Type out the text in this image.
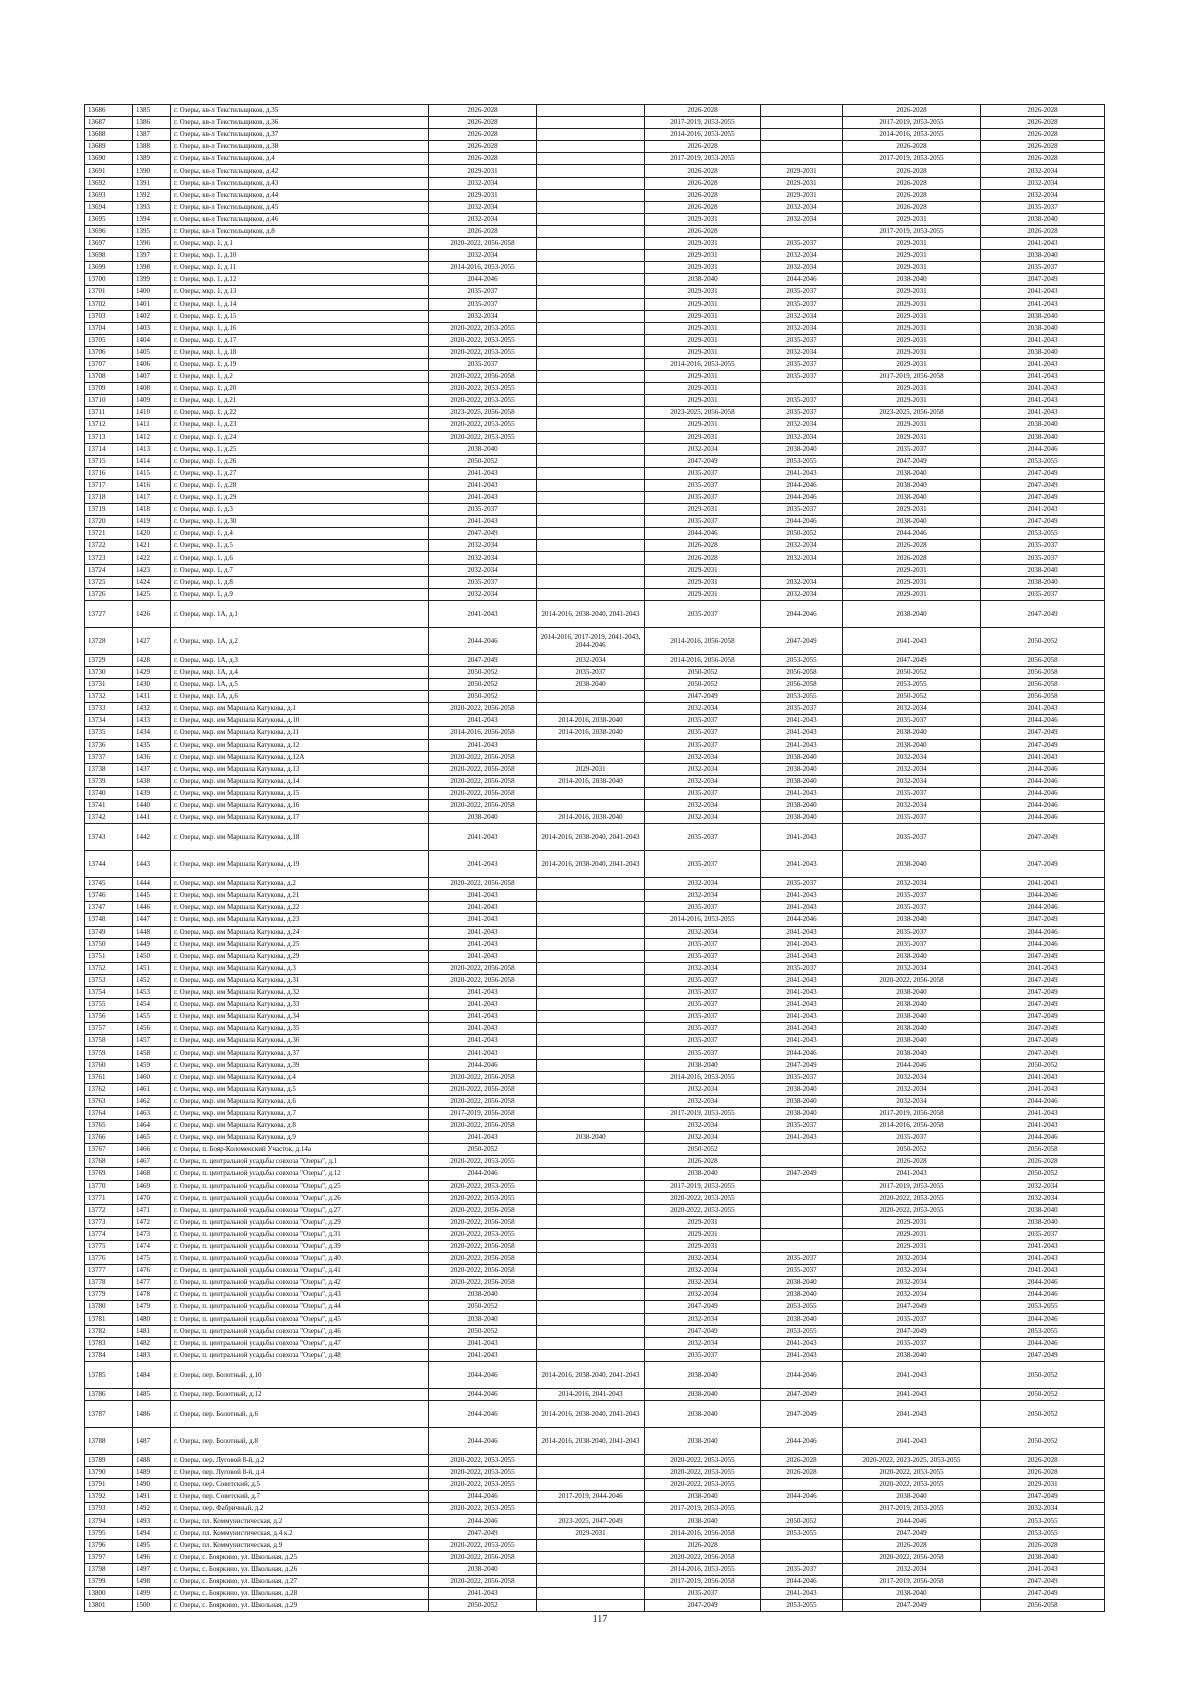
13686	1385	г. Озеры, кв-л Текстильщиков, д.35	2026-2028		2026-2028		2026-2028	2026-2028
13687	1386	г. Озеры, кв-л Текстильщиков, д.36	2026-2028		2017-2019, 2053-2055		2017-2019, 2053-2055	2026-2028
13688	1387	г. Озеры, кв-л Текстильщиков, д.37	2026-2028		2014-2016, 2053-2055		2014-2016, 2053-2055	2026-2028
13689	1388	г. Озеры, кв-л Текстильщиков, д.38	2026-2028		2026-2028		2026-2028	2026-2028
13690	1389	г. Озеры, кв-л Текстильщиков, д.4	2026-2028		2017-2019, 2053-2055		2017-2019, 2053-2055	2026-2028
13691	1390	г. Озеры, кв-л Текстильщиков, д.42	2029-2031		2026-2028	2029-2031	2026-2028	2032-2034
13692	1391	г. Озеры, кв-л Текстильщиков, д.43	2032-2034		2026-2028	2029-2031	2026-2028	2032-2034
13693	1392	г. Озеры, кв-л Текстильщиков, д.44	2029-2031		2026-2028	2029-2031	2026-2028	2032-2034
13694	1393	г. Озеры, кв-л Текстильщиков, д.45	2032-2034		2026-2028	2032-2034	2026-2028	2035-2037
13695	1394	г. Озеры, кв-л Текстильщиков, д.46	2032-2034		2029-2031	2032-2034	2029-2031	2038-2040
13696	1395	г. Озеры, кв-л Текстильщиков, д.8	2026-2028		2026-2028		2017-2019, 2053-2055	2026-2028
13697	1396	г. Озеры, мкр. 1, д.1	2020-2022, 2056-2058		2029-2031	2035-2037	2029-2031	2041-2043
13698	1397	г. Озеры, мкр. 1, д.10	2032-2034		2029-2031	2032-2034	2029-2031	2038-2040
13699	1398	г. Озеры, мкр. 1, д.11	2014-2016, 2053-2055		2029-2031	2032-2034	2029-2031	2035-2037
13700	1399	г. Озеры, мкр. 1, д.12	2044-2046		2038-2040	2044-2046	2038-2040	2047-2049
13701	1400	г. Озеры, мкр. 1, д.13	2035-2037		2029-2031	2035-2037	2029-2031	2041-2043
13702	1401	г. Озеры, мкр. 1, д.14	2035-2037		2029-2031	2035-2037	2029-2031	2041-2043
13703	1402	г. Озеры, мкр. 1, д.15	2032-2034		2029-2031	2032-2034	2029-2031	2038-2040
13704	1403	г. Озеры, мкр. 1, д.16	2020-2022, 2053-2055		2029-2031	2032-2034	2029-2031	2038-2040
13705	1404	г. Озеры, мкр. 1, д.17	2020-2022, 2053-2055		2029-2031	2035-2037	2029-2031	2041-2043
13706	1405	г. Озеры, мкр. 1, д.18	2020-2022, 2053-2055		2029-2031	2032-2034	2029-2031	2038-2040
13707	1406	г. Озеры, мкр. 1, д.19	2035-2037		2014-2016, 2053-2055	2035-2037	2029-2031	2041-2043
13708	1407	г. Озеры, мкр. 1, д.2	2020-2022, 2056-2058		2029-2031	2035-2037	2017-2019, 2056-2058	2041-2043
13709	1408	г. Озеры, мкр. 1, д.20	2020-2022, 2053-2055		2029-2031		2029-2031	2041-2043
13710	1409	г. Озеры, мкр. 1, д.21	2020-2022, 2053-2055		2029-2031	2035-2037	2029-2031	2041-2043
13711	1410	г. Озеры, мкр. 1, д.22	2023-2025, 2056-2058		2023-2025, 2056-2058	2035-2037	2023-2025, 2056-2058	2041-2043
13712	1411	г. Озеры, мкр. 1, д.23	2020-2022, 2053-2055		2029-2031	2032-2034	2029-2031	2038-2040
13713	1412	г. Озеры, мкр. 1, д.24	2020-2022, 2053-2055		2029-2031	2032-2034	2029-2031	2038-2040
13714	1413	г. Озеры, мкр. 1, д.25	2038-2040		2032-2034	2038-2040	2035-2037	2044-2046
13715	1414	г. Озеры, мкр. 1, д.26	2050-2052		2047-2049	2053-2055	2047-2049	2053-2055
13716	1415	г. Озеры, мкр. 1, д.27	2041-2043		2035-2037	2041-2043	2038-2040	2047-2049
13717	1416	г. Озеры, мкр. 1, д.28	2041-2043		2035-2037	2044-2046	2038-2040	2047-2049
13718	1417	г. Озеры, мкр. 1, д.29	2041-2043		2035-2037	2044-2046	2038-2040	2047-2049
13719	1418	г. Озеры, мкр. 1, д.3	2035-2037		2029-2031	2035-2037	2029-2031	2041-2043
13720	1419	г. Озеры, мкр. 1, д.30	2041-2043		2035-2037	2044-2046	2038-2040	2047-2049
13721	1420	г. Озеры, мкр. 1, д.4	2047-2049		2044-2046	2050-2052	2044-2046	2053-2055
13722	1421	г. Озеры, мкр. 1, д.5	2032-2034		2026-2028	2032-2034	2026-2028	2035-2037
13723	1422	г. Озеры, мкр. 1, д.6	2032-2034		2026-2028	2032-2034	2026-2028	2035-2037
13724	1423	г. Озеры, мкр. 1, д.7	2032-2034		2029-2031		2029-2031	2038-2040
13725	1424	г. Озеры, мкр. 1, д.8	2035-2037		2029-2031	2032-2034	2029-2031	2038-2040
13726	1425	г. Озеры, мкр. 1, д.9	2032-2034		2029-2031	2032-2034	2029-2031	2035-2037
13727	1426	г. Озеры, мкр. 1А, д.1	2041-2043	2014-2016, 2038-2040, 2041-2043	2035-2037	2044-2046	2038-2040	2047-2049
13728	1427	г. Озеры, мкр. 1А, д.2	2044-2046	2014-2016, 2017-2019, 2041-2043, 2044-2046	2014-2016, 2056-2058	2047-2049	2041-2043	2050-2052
13729	1428	г. Озеры, мкр. 1А, д.3	2047-2049	2032-2034	2014-2016, 2056-2058	2053-2055	2047-2049	2056-2058
13730	1429	г. Озеры, мкр. 1А, д.4	2050-2052	2035-2037	2050-2052	2056-2058	2050-2052	2056-2058
13731	1430	г. Озеры, мкр. 1А, д.5	2050-2052	2038-2040	2050-2052	2056-2058	2053-2055	2056-2058
13732	1431	г. Озеры, мкр. 1А, д.6	2050-2052		2047-2049	2053-2055	2050-2052	2056-2058
13733	1432	г. Озеры, мкр. им Маршала Катукова, д.1	2020-2022, 2056-2058		2032-2034	2035-2037	2032-2034	2041-2043
13734	1433	г. Озеры, мкр. им Маршала Катукова, д.10	2041-2043	2014-2016, 2038-2040	2035-2037	2041-2043	2035-2037	2044-2046
13735	1434	г. Озеры, мкр. им Маршала Катукова, д.11	2014-2016, 2056-2058	2014-2016, 2038-2040	2035-2037	2041-2043	2038-2040	2047-2049
13736	1435	г. Озеры, мкр. им Маршала Катукова, д.12	2041-2043		2035-2037	2041-2043	2038-2040	2047-2049
13737	1436	г. Озеры, мкр. им Маршала Катукова, д.12А	2020-2022, 2056-2058		2032-2034	2038-2040	2032-2034	2041-2043
13738	1437	г. Озеры, мкр. им Маршала Катукова, д.13	2020-2022, 2056-2058	2029-2031	2032-2034	2038-2040	2032-2034	2044-2046
13739	1438	г. Озеры, мкр. им Маршала Катукова, д.14	2020-2022, 2056-2058	2014-2016, 2038-2040	2032-2034	2038-2040	2032-2034	2044-2046
13740	1439	г. Озеры, мкр. им Маршала Катукова, д.15	2020-2022, 2056-2058		2035-2037	2041-2043	2035-2037	2044-2046
13741	1440	г. Озеры, мкр. им Маршала Катукова, д.16	2020-2022, 2056-2058		2032-2034	2038-2040	2032-2034	2044-2046
13742	1441	г. Озеры, мкр. им Маршала Катукова, д.17	2038-2040	2014-2016, 2038-2040	2032-2034	2038-2040	2035-2037	2044-2046
13743	1442	г. Озеры, мкр. им Маршала Катукова, д.18	2041-2043	2014-2016, 2038-2040, 2041-2043	2035-2037	2041-2043	2035-2037	2047-2049
13744	1443	г. Озеры, мкр. им Маршала Катукова, д.19	2041-2043	2014-2016, 2038-2040, 2041-2043	2035-2037	2041-2043	2038-2040	2047-2049
13745	1444	г. Озеры, мкр. им Маршала Катукова, д.2	2020-2022, 2056-2058		2032-2034	2035-2037	2032-2034	2041-2043
13746	1445	г. Озеры, мкр. им Маршала Катукова, д.21	2041-2043		2032-2034	2041-2043	2035-2037	2044-2046
13747	1446	г. Озеры, мкр. им Маршала Катукова, д.22	2041-2043		2035-2037	2041-2043	2035-2037	2044-2046
13748	1447	г. Озеры, мкр. им Маршала Катукова, д.23	2041-2043		2014-2016, 2053-2055	2044-2046	2038-2040	2047-2049
13749	1448	г. Озеры, мкр. им Маршала Катукова, д.24	2041-2043		2032-2034	2041-2043	2035-2037	2044-2046
13750	1449	г. Озеры, мкр. им Маршала Катукова, д.25	2041-2043		2035-2037	2041-2043	2035-2037	2044-2046
13751	1450	г. Озеры, мкр. им Маршала Катукова, д.29	2041-2043		2035-2037	2041-2043	2038-2040	2047-2049
13752	1451	г. Озеры, мкр. им Маршала Катукова, д.3	2020-2022, 2056-2058		2032-2034	2035-2037	2032-2034	2041-2043
13753	1452	г. Озеры, мкр. им Маршала Катукова, д.31	2020-2022, 2056-2058		2035-2037	2041-2043	2020-2022, 2056-2058	2047-2049
13754	1453	г. Озеры, мкр. им Маршала Катукова, д.32	2041-2043		2035-2037	2041-2043	2038-2040	2047-2049
13755	1454	г. Озеры, мкр. им Маршала Катукова, д.33	2041-2043		2035-2037	2041-2043	2038-2040	2047-2049
13756	1455	г. Озеры, мкр. им Маршала Катукова, д.34	2041-2043		2035-2037	2041-2043	2038-2040	2047-2049
13757	1456	г. Озеры, мкр. им Маршала Катукова, д.35	2041-2043		2035-2037	2041-2043	2038-2040	2047-2049
13758	1457	г. Озеры, мкр. им Маршала Катукова, д.36	2041-2043		2035-2037	2041-2043	2038-2040	2047-2049
13759	1458	г. Озеры, мкр. им Маршала Катукова, д.37	2041-2043		2035-2037	2044-2046	2038-2040	2047-2049
13760	1459	г. Озеры, мкр. им Маршала Катукова, д.39	2044-2046		2038-2040	2047-2049	2044-2046	2050-2052
13761	1460	г. Озеры, мкр. им Маршала Катукова, д.4	2020-2022, 2056-2058		2014-2016, 2053-2055	2035-2037	2032-2034	2041-2043
13762	1461	г. Озеры, мкр. им Маршала Катукова, д.5	2020-2022, 2056-2058		2032-2034	2038-2040	2032-2034	2041-2043
13763	1462	г. Озеры, мкр. им Маршала Катукова, д.6	2020-2022, 2056-2058		2032-2034	2038-2040	2032-2034	2044-2046
13764	1463	г. Озеры, мкр. им Маршала Катукова, д.7	2017-2019, 2056-2058		2017-2019, 2053-2055	2038-2040	2017-2019, 2056-2058	2041-2043
13765	1464	г. Озеры, мкр. им Маршала Катукова, д.8	2020-2022, 2056-2058		2032-2034	2035-2037	2014-2016, 2056-2058	2041-2043
13766	1465	г. Озеры, мкр. им Маршала Катукова, д.9	2041-2043	2038-2040	2032-2034	2041-2043	2035-2037	2044-2046
13767	1466	г. Озеры, п. Бояр-Коломенский Участок, д.14а	2050-2052		2050-2052		2050-2052	2056-2058
13768	1467	г. Озеры, п. центральной усадьбы совхоза "Озеры", д.1	2020-2022, 2053-2055		2026-2028		2026-2028	2026-2028
13769	1468	г. Озеры, п. центральной усадьбы совхоза "Озеры", д.12	2044-2046		2038-2040	2047-2049	2041-2043	2050-2052
13770	1469	г. Озеры, п. центральной усадьбы совхоза "Озеры", д.25	2020-2022, 2053-2055		2017-2019, 2053-2055		2017-2019, 2053-2055	2032-2034
13771	1470	г. Озеры, п. центральной усадьбы совхоза "Озеры", д.26	2020-2022, 2053-2055		2020-2022, 2053-2055		2020-2022, 2053-2055	2032-2034
13772	1471	г. Озеры, п. центральной усадьбы совхоза "Озеры", д.27	2020-2022, 2056-2058		2020-2022, 2053-2055		2020-2022, 2053-2055	2038-2040
13773	1472	г. Озеры, п. центральной усадьбы совхоза "Озеры", д.29	2020-2022, 2056-2058		2029-2031		2029-2031	2038-2040
13774	1473	г. Озеры, п. центральной усадьбы совхоза "Озеры", д.31	2020-2022, 2053-2055		2029-2031		2029-2031	2035-2037
13775	1474	г. Озеры, п. центральной усадьбы совхоза "Озеры", д.39	2020-2022, 2056-2058		2029-2031		2029-2031	2041-2043
13776	1475	г. Озеры, п. центральной усадьбы совхоза "Озеры", д.40	2020-2022, 2056-2058		2032-2034	2035-2037	2032-2034	2041-2043
13777	1476	г. Озеры, п. центральной усадьбы совхоза "Озеры", д.41	2020-2022, 2056-2058		2032-2034	2035-2037	2032-2034	2041-2043
13778	1477	г. Озеры, п. центральной усадьбы совхоза "Озеры", д.42	2020-2022, 2056-2058		2032-2034	2038-2040	2032-2034	2044-2046
13779	1478	г. Озеры, п. центральной усадьбы совхоза "Озеры", д.43	2038-2040		2032-2034	2038-2040	2032-2034	2044-2046
13780	1479	г. Озеры, п. центральной усадьбы совхоза "Озеры", д.44	2050-2052		2047-2049	2053-2055	2047-2049	2053-2055
13781	1480	г. Озеры, п. центральной усадьбы совхоза "Озеры", д.45	2038-2040		2032-2034	2038-2040	2035-2037	2044-2046
13782	1481	г. Озеры, п. центральной усадьбы совхоза "Озеры", д.46	2050-2052		2047-2049	2053-2055	2047-2049	2053-2055
13783	1482	г. Озеры, п. центральной усадьбы совхоза "Озеры", д.47	2041-2043		2032-2034	2041-2043	2035-2037	2044-2046
13784	1483	г. Озеры, п. центральной усадьбы совхоза "Озеры", д.48	2041-2043		2035-2037	2041-2043	2038-2040	2047-2049
13785	1484	г. Озеры, пер. Болотный, д.10	2044-2046	2014-2016, 2038-2040, 2041-2043	2038-2040	2044-2046	2041-2043	2050-2052
13786	1485	г. Озеры, пер. Болотный, д.12	2044-2046	2014-2016, 2041-2043	2038-2040	2047-2049	2041-2043	2050-2052
13787	1486	г. Озеры, пер. Болотный, д.6	2044-2046	2014-2016, 2038-2040, 2041-2043	2038-2040	2047-2049	2041-2043	2050-2052
13788	1487	г. Озеры, пер. Болотный, д.8	2044-2046	2014-2016, 2038-2040, 2041-2043	2038-2040	2044-2046	2041-2043	2050-2052
13789	1488	г. Озеры, пер. Луговой 8-й, д.2	2020-2022, 2053-2055		2020-2022, 2053-2055	2026-2028	2020-2022, 2023-2025, 2053-2055	2026-2028
13790	1489	г. Озеры, пер. Луговой 8-й, д.4	2020-2022, 2053-2055		2020-2022, 2053-2055	2026-2028	2020-2022, 2053-2055	2026-2028
13791	1490	г. Озеры, пер. Советский, д.5	2020-2022, 2053-2055		2020-2022, 2053-2055		2020-2022, 2053-2055	2029-2031
13792	1491	г. Озеры, пер. Советский, д.7	2044-2046	2017-2019, 2044-2046	2038-2040	2044-2046	2038-2040	2047-2049
13793	1492	г. Озеры, пер. Фабричный, д.2	2020-2022, 2053-2055		2017-2019, 2053-2055		2017-2019, 2053-2055	2032-2034
13794	1493	г. Озеры, пл. Коммунистическая, д.2	2044-2046	2023-2025, 2047-2049	2038-2040	2050-2052	2044-2046	2053-2055
13795	1494	г. Озеры, пл. Коммунистическая, д.4 к.2	2047-2049	2029-2031	2014-2016, 2056-2058	2053-2055	2047-2049	2053-2055
13796	1495	г. Озеры, пл. Коммунистическая, д.9	2020-2022, 2053-2055		2026-2028		2026-2028	2026-2028
13797	1496	г. Озеры, с. Бояркино, ул. Школьная, д.25	2020-2022, 2056-2058		2020-2022, 2056-2058		2020-2022, 2056-2058	2038-2040
13798	1497	г. Озеры, с. Бояркино, ул. Школьная, д.26	2038-2040		2014-2016, 2053-2055	2035-2037	2032-2034	2041-2043
13799	1498	г. Озеры, с. Бояркино, ул. Школьная, д.27	2020-2022, 2056-2058		2017-2019, 2056-2058	2044-2046	2017-2019, 2056-2058	2047-2049
13800	1499	г. Озеры, с. Бояркино, ул. Школьная, д.28	2041-2043		2035-2037	2041-2043	2038-2040	2047-2049
13801	1500	г. Озеры, с. Бояркино, ул. Школьная, д.29	2050-2052		2047-2049	2053-2055	2047-2049	2056-2058
117
